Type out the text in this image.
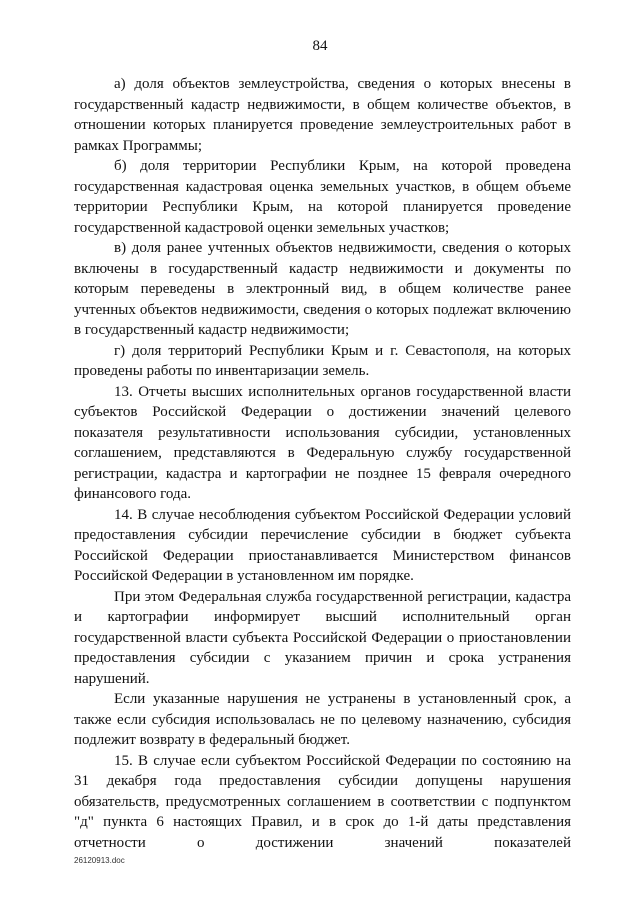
84

а) доля объектов землеустройства, сведения о которых внесены в государственный кадастр недвижимости, в общем количестве объектов, в отношении которых планируется проведение землеустроительных работ в рамках Программы;

б) доля территории Республики Крым, на которой проведена государственная кадастровая оценка земельных участков, в общем объеме территории Республики Крым, на которой планируется проведение государственной кадастровой оценки земельных участков;

в) доля ранее учтенных объектов недвижимости, сведения о которых включены в государственный кадастр недвижимости и документы по которым переведены в электронный вид, в общем количестве ранее учтенных объектов недвижимости, сведения о которых подлежат включению в государственный кадастр недвижимости;

г) доля территорий Республики Крым и г. Севастополя, на которых проведены работы по инвентаризации земель.

13. Отчеты высших исполнительных органов государственной власти субъектов Российской Федерации о достижении значений целевого показателя результативности использования субсидии, установленных соглашением, представляются в Федеральную службу государственной регистрации, кадастра и картографии не позднее 15 февраля очередного финансового года.

14. В случае несоблюдения субъектом Российской Федерации условий предоставления субсидии перечисление субсидии в бюджет субъекта Российской Федерации приостанавливается Министерством финансов Российской Федерации в установленном им порядке.

При этом Федеральная служба государственной регистрации, кадастра и картографии информирует высший исполнительный орган государственной власти субъекта Российской Федерации о приостановлении предоставления субсидии с указанием причин и срока устранения нарушений.

Если указанные нарушения не устранены в установленный срок, а также если субсидия использовалась не по целевому назначению, субсидия подлежит возврату в федеральный бюджет.

15. В случае если субъектом Российской Федерации по состоянию на 31 декабря года предоставления субсидии допущены нарушения обязательств, предусмотренных соглашением в соответствии с подпунктом "д" пункта 6 настоящих Правил, и в срок до 1-й даты представления отчетности о достижении значений показателей

26120913.doc
